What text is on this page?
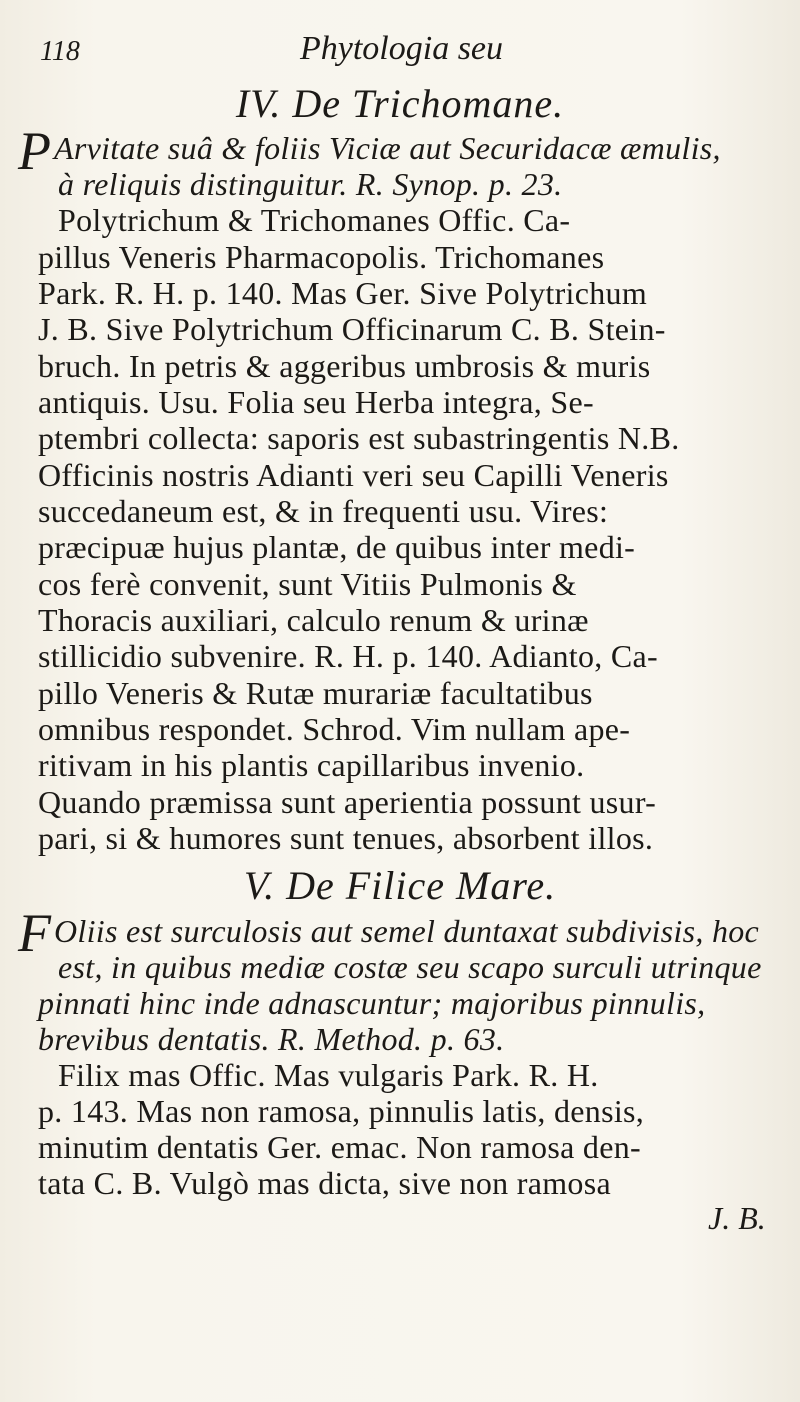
118	Phytologia seu
IV. De Trichomane.
P Arvitate suâ & foliis Viciæ aut Securidacæ æmulis,
à reliquis distinguitur. R. Synop. p. 23.
Polytrichum & Trichomanes Offic. Ca-
pillus Veneris Pharmacopolis. Trichomanes
Park. R. H. p. 140. Mas Ger. Sive Polytrichum
J. B. Sive Polytrichum Officinarum C. B. Stein-
bruch. In petris & aggeribus umbrosis & muris
antiquis. Usu. Folia seu Herba integra, Se-
ptembri collecta: saporis est subastringentis N.B.
Officinis nostris Adianti veri seu Capilli Veneris
succedaneum est, & in frequenti usu. Vires:
præcipuæ hujus plantæ, de quibus inter medi-
cos ferè convenit, sunt Vitiis Pulmonis &
Thoracis auxiliari, calculo renum & urinæ
stillicidio subvenire. R. H. p. 140. Adianto, Ca-
pillo Veneris & Rutæ murariæ facultatibus
omnibus respondet. Schrod. Vim nullam ape-
ritivam in his plantis capillaribus invenio.
Quando præmissa sunt aperientia possunt usur-
pari, si & humores sunt tenues, absorbent illos.
V. De Filice Mare.
F Oliis est surculosis aut semel duntaxat subdivisis, hoc
est, in quibus mediæ costæ seu scapo surculi utrinque
pinnati hinc inde adnascuntur; majoribus pinnulis,
brevibus dentatis. R. Method. p. 63.
Filix mas Offic. Mas vulgaris Park. R. H.
p. 143. Mas non ramosa, pinnulis latis, densis,
minutim dentatis Ger. emac. Non ramosa den-
tata C. B. Vulgò mas dicta, sive non ramosa
J. B.
